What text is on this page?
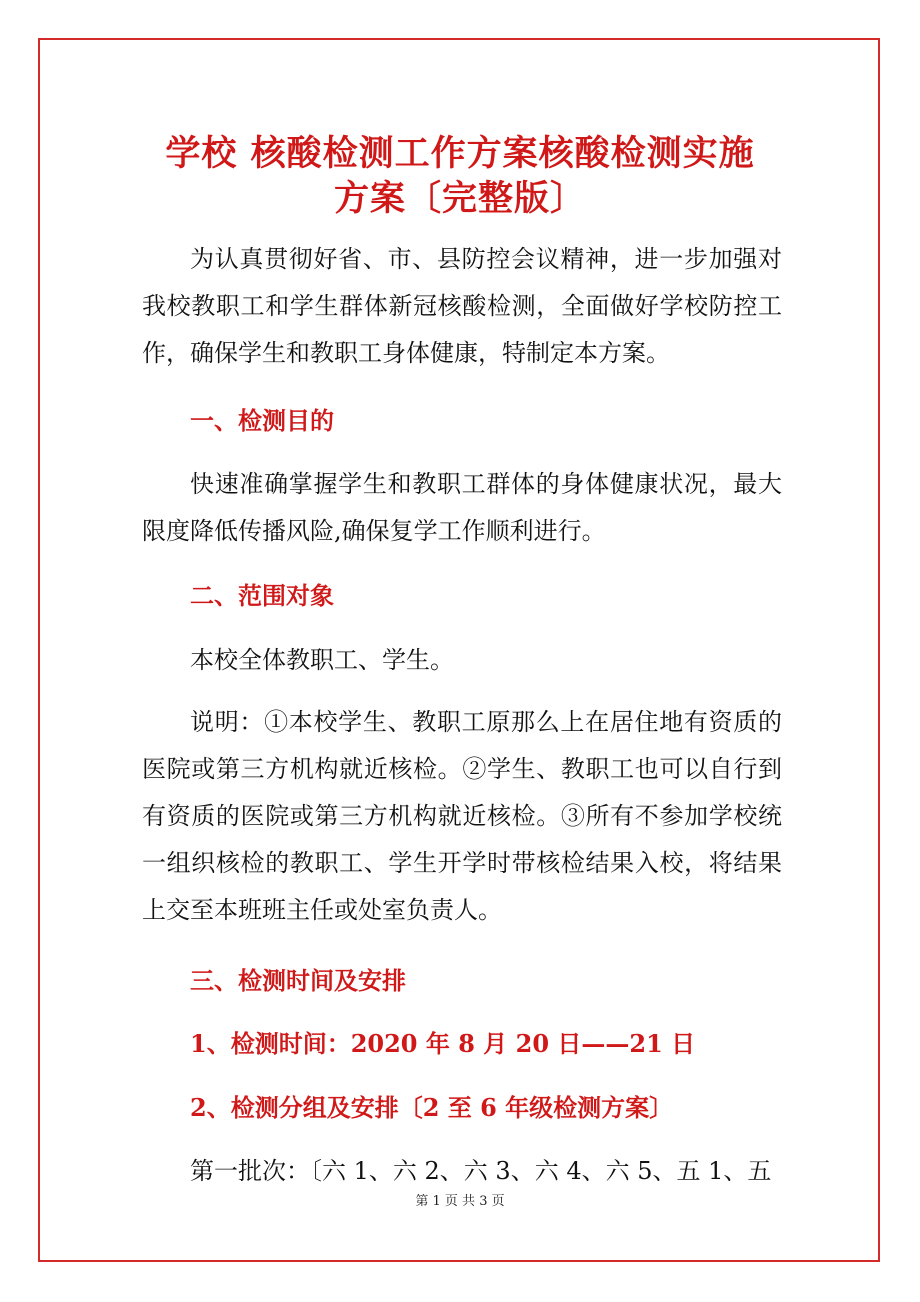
学校 核酸检测工作方案核酸检测实施
方案〔完整版〕

为认真贯彻好省、市、县防控会议精神，进一步加强对我校教职工和学生群体新冠核酸检测，全面做好学校防控工作，确保学生和教职工身体健康，特制定本方案。

一、检测目的

快速准确掌握学生和教职工群体的身体健康状况，最大限度降低传播风险,确保复学工作顺利进行。

二、范围对象

本校全体教职工、学生。

说明：①本校学生、教职工原那么上在居住地有资质的医院或第三方机构就近核检。②学生、教职工也可以自行到有资质的医院或第三方机构就近核检。③所有不参加学校统一组织核检的教职工、学生开学时带核检结果入校，将结果上交至本班班主任或处室负责人。

三、检测时间及安排

1、检测时间：2020 年 8 月 20 日——21 日

2、检测分组及安排〔2 至 6 年级检测方案〕

第一批次：〔六 1、六 2、六 3、六 4、六 5、五 1、五

第 1 页 共 3 页
